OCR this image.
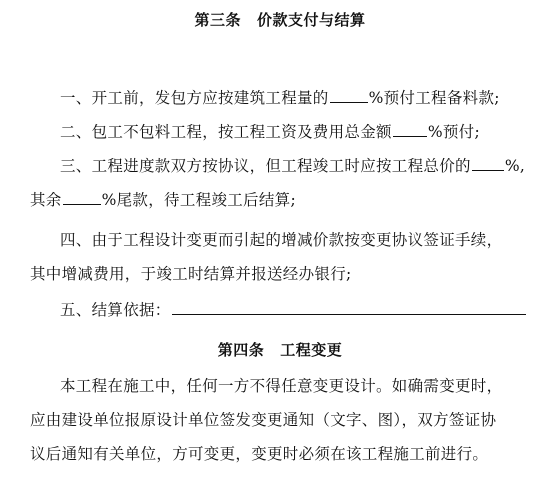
第三条 价款支付与结算
一、开工前，发包方应按建筑工程量的	%预付工程备料款;
二、包工不包料工程，按工程工资及费用总金额 %预付;
三、工程进度款双方按协议，但工程竣工时应按工程总价的 %,
其余	%尾款，待工程竣工后结算;
四、由于工程设计变更而引起的增减价款按变更协议签证手续，
其中增减费用，于竣工时结算并报送经办银行;
五、结算依据：
第四条 工程变更
本工程在施工中，任何一方不得任意变更设计。如确需变更时，
应由建设单位报原设计单位签发变更通知（文字、图），双方签证协
议后通知有关单位，方可变更，变更时必须在该工程施工前进行。
